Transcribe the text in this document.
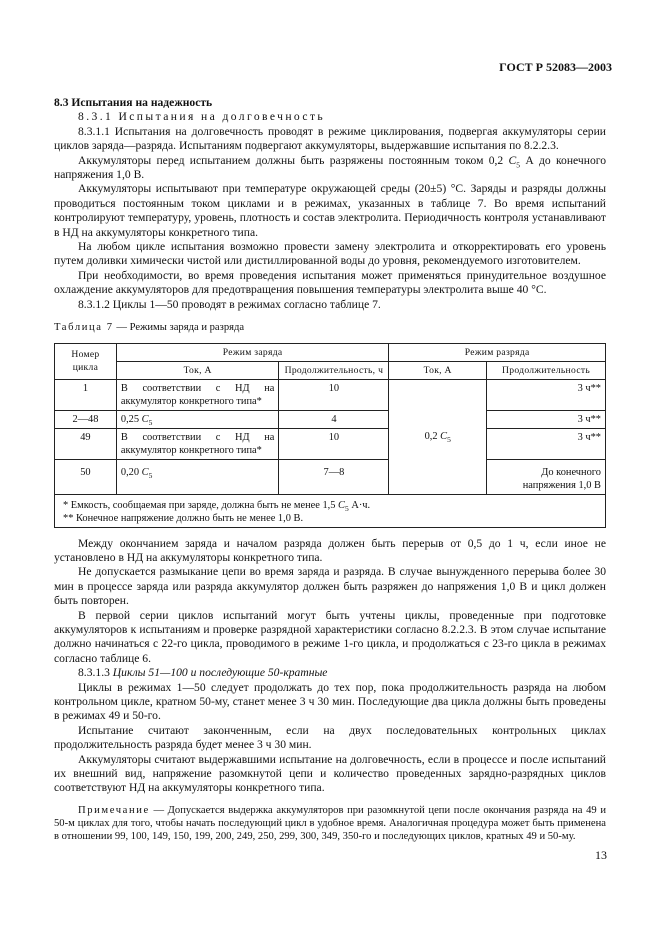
ГОСТ Р 52083—2003

8.3 Испытания на надежность

8.3.1 Испытания на долговечность

8.3.1.1 Испытания на долговечность проводят в режиме циклирования, подвергая аккумуляторы серии циклов заряда—разряда. Испытаниям подвергают аккумуляторы, выдержавшие испытания по 8.2.2.3.

Аккумуляторы перед испытанием должны быть разряжены постоянным током 0,2 $C_5$ А до конечного напряжения 1,0 В.

Аккумуляторы испытывают при температуре окружающей среды (20±5) °С. Заряды и разряды должны проводиться постоянным током циклами и в режимах, указанных в таблице 7. Во время испытаний контролируют температуру, уровень, плотность и состав электролита. Периодичность контроля устанавливают в НД на аккумуляторы конкретного типа.

На любом цикле испытания возможно провести замену электролита и откорректировать его уровень путем доливки химически чистой или дистиллированной воды до уровня, рекомендуемого изготовителем.

При необходимости, во время проведения испытания может применяться принудительное воздушное охлаждение аккумуляторов для предотвращения повышения температуры электролита выше 40 °С.

8.3.1.2 Циклы 1—50 проводят в режимах согласно таблице 7.

Таблица 7 — Режимы заряда и разряда

Номер цикла	Режим заряда		Режим разряда	
	Ток, А	Продолжительность, ч	Ток, А	Продолжительность
1	В соответствии с НД на аккумулятор конкретного типа*	10	0,2 $C_5$	3 ч**
2—48	0,25 $C_5$	4		3 ч**
49	В соответствии с НД на аккумулятор конкретного типа*	10		3 ч**
50	0,20 $C_5$	7—8		До конечного напряжения 1,0 В

* Емкость, сообщаемая при заряде, должна быть не менее 1,5 $C_5$ А·ч.
** Конечное напряжение должно быть не менее 1,0 В.				

Между окончанием заряда и началом разряда должен быть перерыв от 0,5 до 1 ч, если иное не установлено в НД на аккумуляторы конкретного типа.

Не допускается размыкание цепи во время заряда и разряда. В случае вынужденного перерыва более 30 мин в процессе заряда или разряда аккумулятор должен быть разряжен до напряжения 1,0 В и цикл должен быть повторен.

В первой серии циклов испытаний могут быть учтены циклы, проведенные при подготовке аккумуляторов к испытаниям и проверке разрядной характеристики согласно 8.2.2.3. В этом случае испытание должно начинаться с 22-го цикла, проводимого в режиме 1-го цикла, и продолжаться с 23-го цикла в режимах согласно таблице 6.

8.3.1.3 Циклы 51—100 и последующие 50-кратные

Циклы в режимах 1—50 следует продолжать до тех пор, пока продолжительность разряда на любом контрольном цикле, кратном 50-му, станет менее 3 ч 30 мин. Последующие два цикла должны быть проведены в режимах 49 и 50-го.

Испытание считают законченным, если на двух последовательных контрольных циклах продолжительность разряда будет менее 3 ч 30 мин.

Аккумуляторы считают выдержавшими испытание на долговечность, если в процессе и после испытаний их внешний вид, напряжение разомкнутой цепи и количество проведенных зарядно-разрядных циклов соответствуют НД на аккумуляторы конкретного типа.

Примечание — Допускается выдержка аккумуляторов при разомкнутой цепи после окончания разряда на 49 и 50-м циклах для того, чтобы начать последующий цикл в удобное время. Аналогичная процедура может быть применена в отношении 99, 100, 149, 150, 199, 200, 249, 250, 299, 300, 349, 350-го и последующих циклов, кратных 49 и 50-му.

13
